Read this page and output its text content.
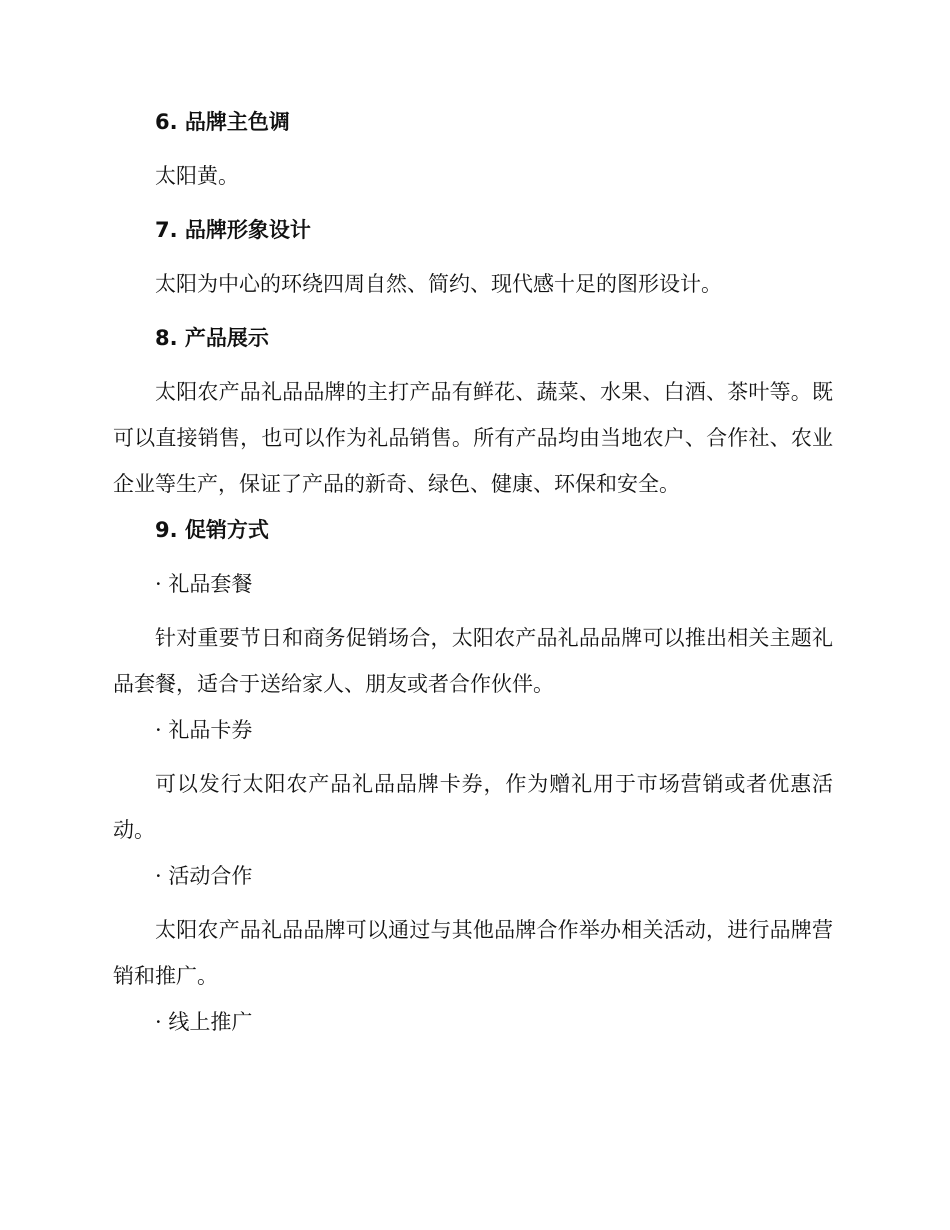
6. 品牌主色调
太阳黄。
7. 品牌形象设计
太阳为中心的环绕四周自然、简约、现代感十足的图形设计。
8. 产品展示
太阳农产品礼品品牌的主打产品有鲜花、蔬菜、水果、白酒、茶叶等。既可以直接销售，也可以作为礼品销售。所有产品均由当地农户、合作社、农业企业等生产，保证了产品的新奇、绿色、健康、环保和安全。
9. 促销方式
· 礼品套餐
针对重要节日和商务促销场合，太阳农产品礼品品牌可以推出相关主题礼品套餐，适合于送给家人、朋友或者合作伙伴。
· 礼品卡券
可以发行太阳农产品礼品品牌卡券，作为赠礼用于市场营销或者优惠活动。
· 活动合作
太阳农产品礼品品牌可以通过与其他品牌合作举办相关活动，进行品牌营销和推广。
· 线上推广
